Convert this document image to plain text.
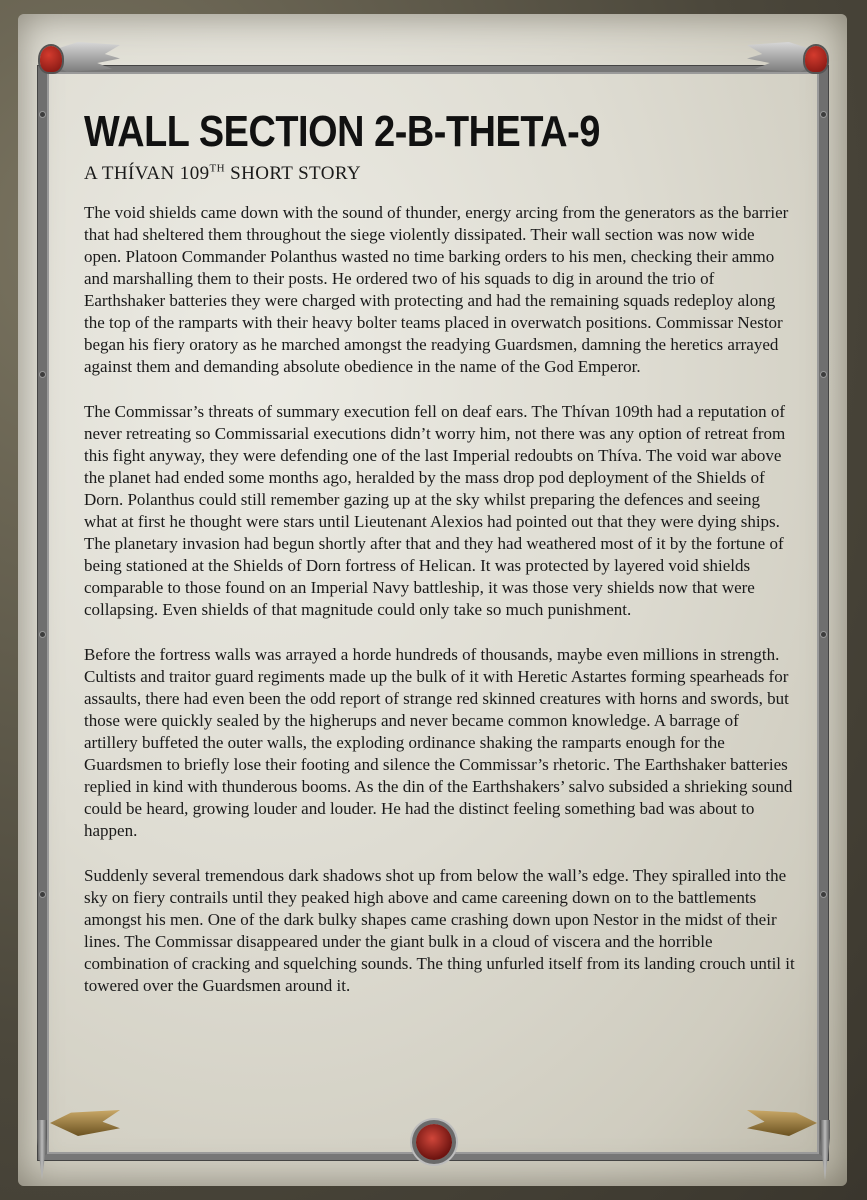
WALL SECTION 2-B-THETA-9
A THÍVAN 109TH SHORT STORY

The void shields came down with the sound of thunder, energy arcing from the generators as the barrier that had sheltered them throughout the siege violently dissipated. Their wall section was now wide open. Platoon Commander Polanthus wasted no time barking orders to his men, checking their ammo and marshalling them to their posts. He ordered two of his squads to dig in around the trio of Earthshaker batteries they were charged with protecting and had the remaining squads redeploy along the top of the ramparts with their heavy bolter teams placed in overwatch positions. Commissar Nestor began his fiery oratory as he marched amongst the readying Guardsmen, damning the heretics arrayed against them and demanding absolute obedience in the name of the God Emperor.

The Commissar’s threats of summary execution fell on deaf ears. The Thívan 109th had a reputation of never retreating so Commissarial executions didn’t worry him, not there was any option of retreat from this fight anyway, they were defending one of the last Imperial redoubts on Thíva. The void war above the planet had ended some months ago, heralded by the mass drop pod deployment of the Shields of Dorn. Polanthus could still remember gazing up at the sky whilst preparing the defences and seeing what at first he thought were stars until Lieutenant Alexios had pointed out that they were dying ships. The planetary invasion had begun shortly after that and they had weathered most of it by the fortune of being stationed at the Shields of Dorn fortress of Helican. It was protected by layered void shields comparable to those found on an Imperial Navy battleship, it was those very shields now that were collapsing. Even shields of that magnitude could only take so much punishment.

Before the fortress walls was arrayed a horde hundreds of thousands, maybe even millions in strength. Cultists and traitor guard regiments made up the bulk of it with Heretic Astartes forming spearheads for assaults, there had even been the odd report of strange red skinned creatures with horns and swords, but those were quickly sealed by the higherups and never became common knowledge. A barrage of artillery buffeted the outer walls, the exploding ordinance shaking the ramparts enough for the Guardsmen to briefly lose their footing and silence the Commissar’s rhetoric. The Earthshaker batteries replied in kind with thunderous booms. As the din of the Earthshakers’ salvo subsided a shrieking sound could be heard, growing louder and louder. He had the distinct feeling something bad was about to happen.

Suddenly several tremendous dark shadows shot up from below the wall’s edge. They spiralled into the sky on fiery contrails until they peaked high above and came careening down on to the battlements amongst his men. One of the dark bulky shapes came crashing down upon Nestor in the midst of their lines. The Commissar disappeared under the giant bulk in a cloud of viscera and the horrible combination of cracking and squelching sounds. The thing unfurled itself from its landing crouch until it towered over the Guardsmen around it.
